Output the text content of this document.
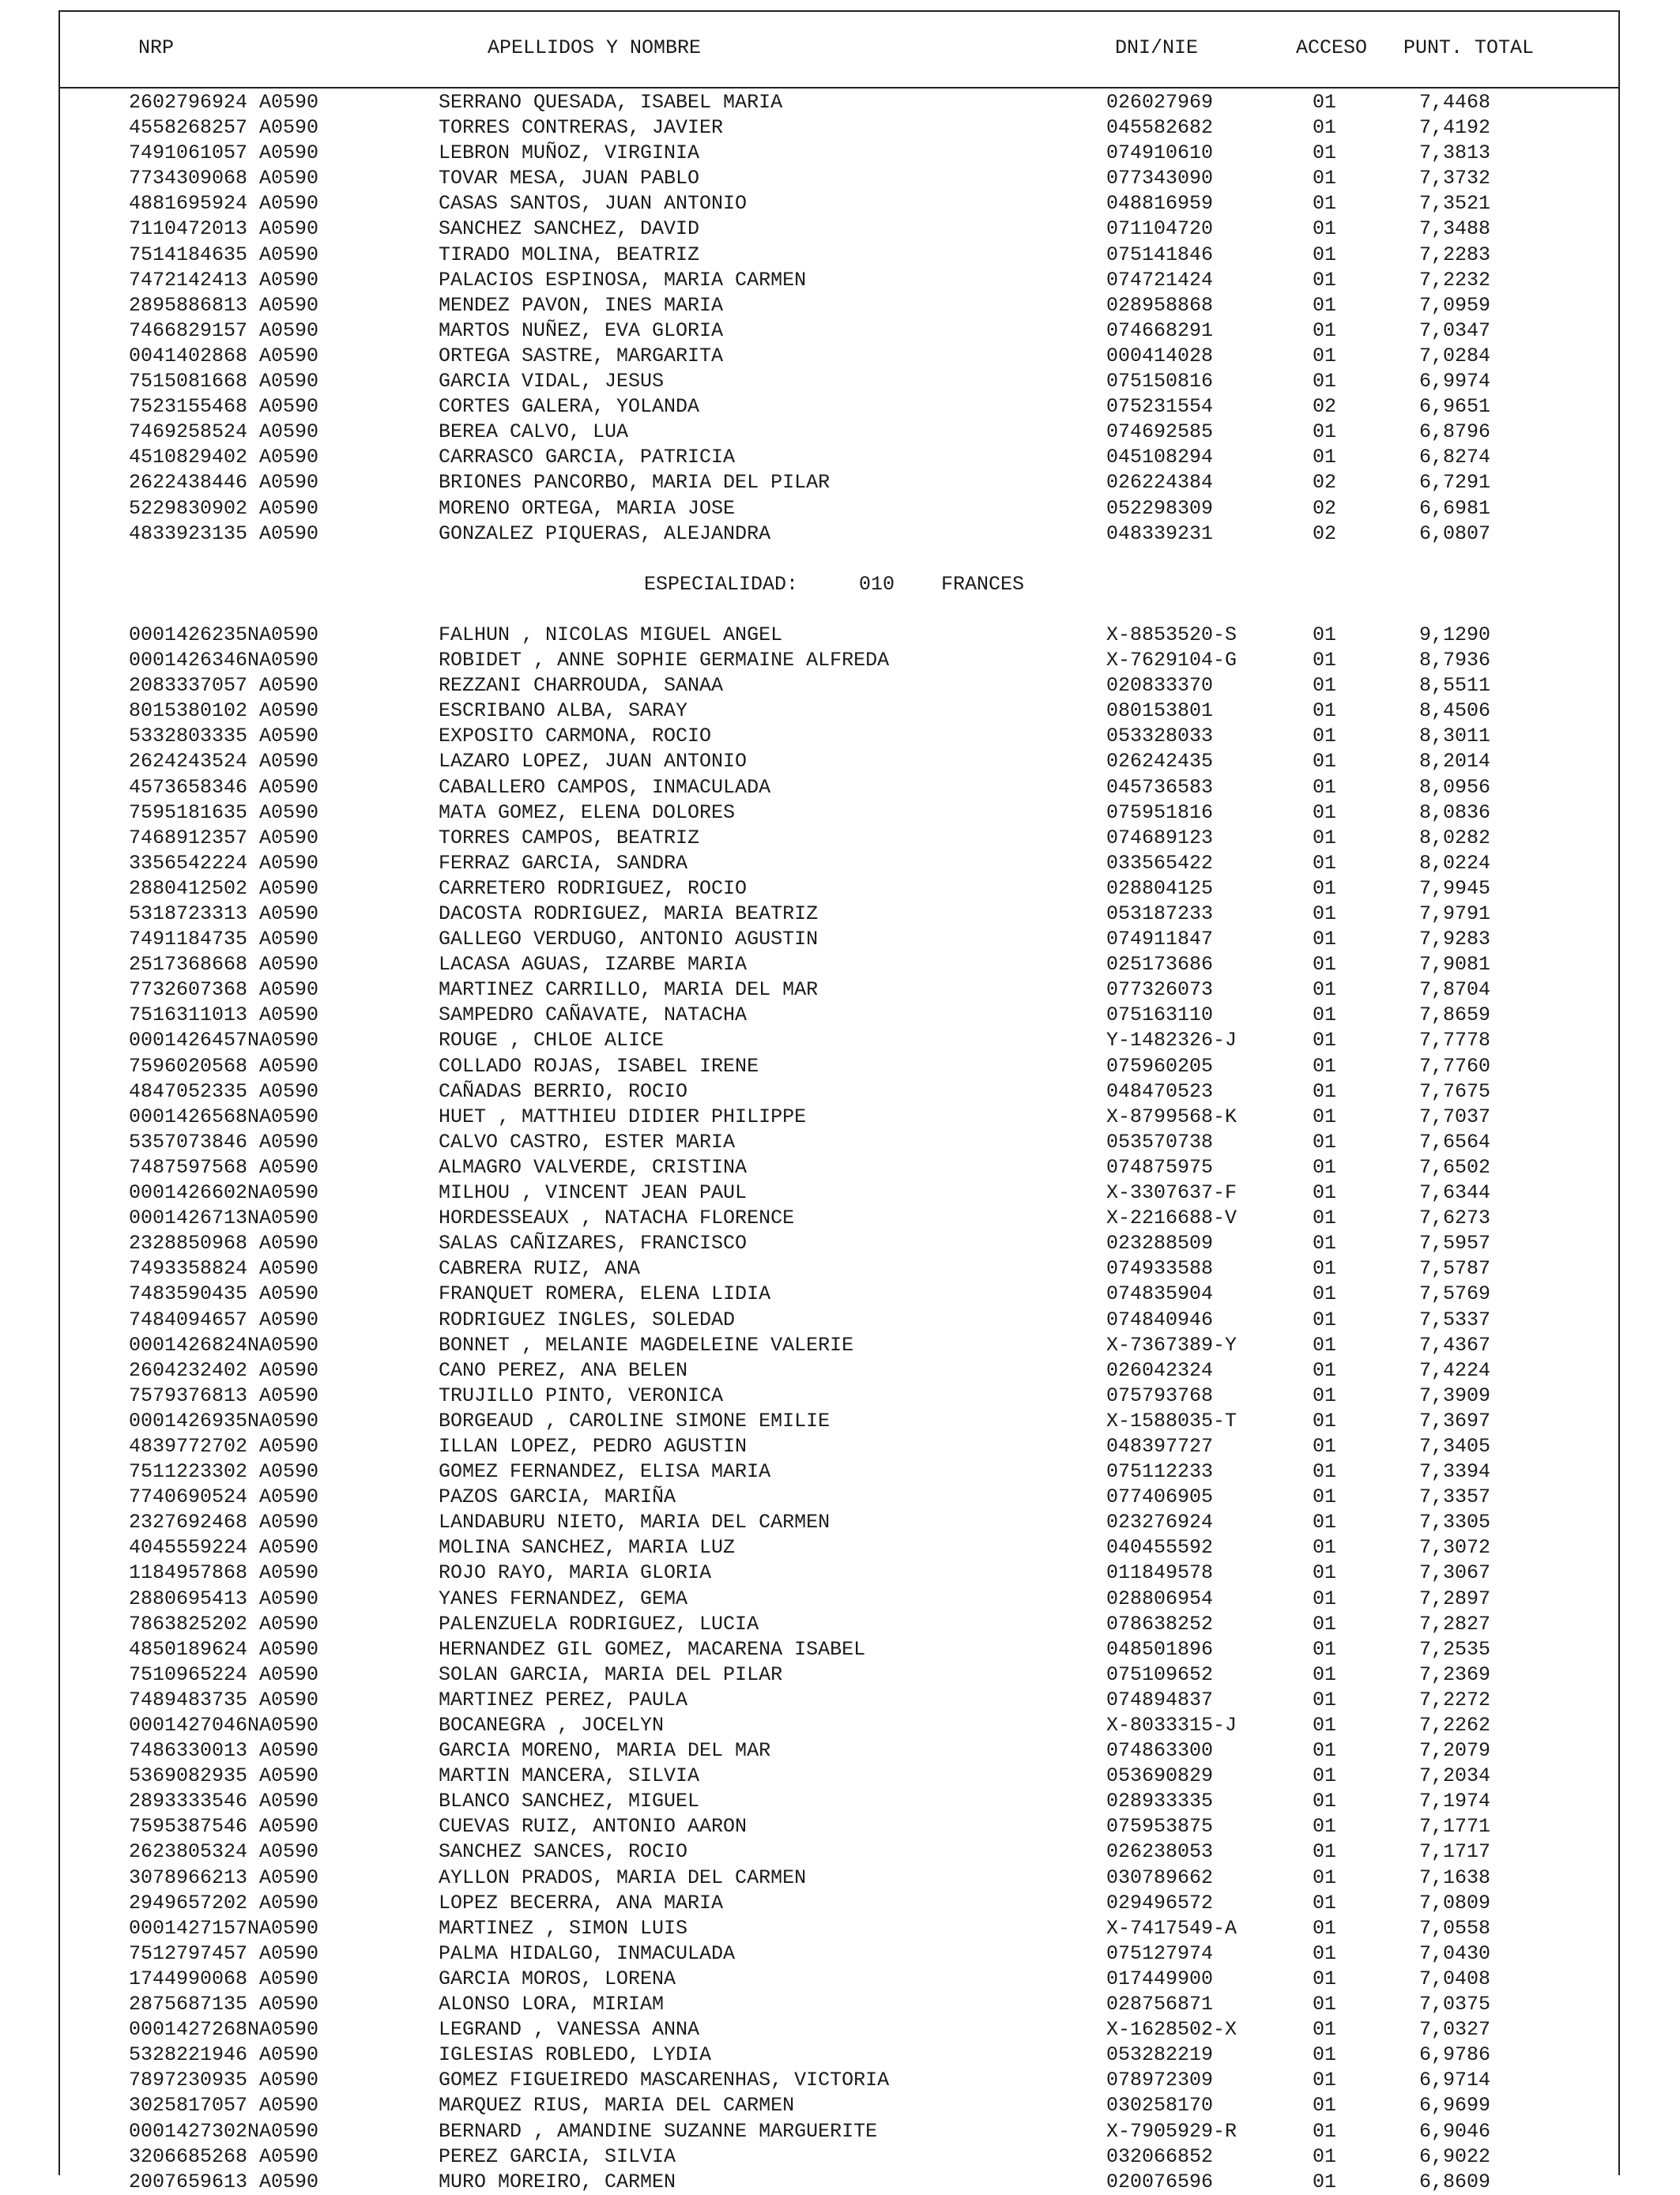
NRP	APELLIDOS Y NOMBRE	DNI/NIE	ACCESO PUNT. TOTAL
2602796924 A0590	SERRANO QUESADA, ISABEL MARIA	026027969	01	7,4468
4558268257 A0590	TORRES CONTRERAS, JAVIER	045582682	01	7,4192
7491061057 A0590	LEBRON MUÑOZ, VIRGINIA	074910610	01	7,3813
7734309068 A0590	TOVAR MESA, JUAN PABLO	077343090	01	7,3732
4881695924 A0590	CASAS SANTOS, JUAN ANTONIO	048816959	01	7,3521
7110472013 A0590	SANCHEZ SANCHEZ, DAVID	071104720	01	7,3488
7514184635 A0590	TIRADO MOLINA, BEATRIZ	075141846	01	7,2283
7472142413 A0590	PALACIOS ESPINOSA, MARIA CARMEN	074721424	01	7,2232
2895886813 A0590	MENDEZ PAVON, INES MARIA	028958868	01	7,0959
7466829157 A0590	MARTOS NUÑEZ, EVA GLORIA	074668291	01	7,0347
0041402868 A0590	ORTEGA SASTRE, MARGARITA	000414028	01	7,0284
7515081668 A0590	GARCIA VIDAL, JESUS	075150816	01	6,9974
7523155468 A0590	CORTES GALERA, YOLANDA	075231554	02	6,9651
7469258524 A0590	BEREA CALVO, LUA	074692585	01	6,8796
4510829402 A0590	CARRASCO GARCIA, PATRICIA	045108294	01	6,8274
2622438446 A0590	BRIONES PANCORBO, MARIA DEL PILAR	026224384	02	6,7291
5229830902 A0590	MORENO ORTEGA, MARIA JOSE	052298309	02	6,6981
4833923135 A0590	GONZALEZ PIQUERAS, ALEJANDRA	048339231	02	6,0807

ESPECIALIDAD:

	010

FRANCES

0001426235NA0590	FALHUN , NICOLAS MIGUEL ANGEL	X-8853520-S	01	9,1290
0001426346NA0590	ROBIDET , ANNE SOPHIE GERMAINE ALFREDA	X-7629104-G	01	8,7936
2083337057 A0590	REZZANI CHARROUDA, SANAA	020833370	01	8,5511
8015380102 A0590	ESCRIBANO ALBA, SARAY	080153801	01	8,4506
5332803335 A0590	EXPOSITO CARMONA, ROCIO	053328033	01	8,3011
2624243524 A0590	LAZARO LOPEZ, JUAN ANTONIO	026242435	01	8,2014
4573658346 A0590	CABALLERO CAMPOS, INMACULADA	045736583	01	8,0956
7595181635 A0590	MATA GOMEZ, ELENA DOLORES	075951816	01	8,0836
7468912357 A0590	TORRES CAMPOS, BEATRIZ	074689123	01	8,0282
3356542224 A0590	FERRAZ GARCIA, SANDRA	033565422	01	8,0224
2880412502 A0590	CARRETERO RODRIGUEZ, ROCIO	028804125	01	7,9945
5318723313 A0590	DACOSTA RODRIGUEZ, MARIA BEATRIZ	053187233	01	7,9791
7491184735 A0590	GALLEGO VERDUGO, ANTONIO AGUSTIN	074911847	01	7,9283
2517368668 A0590	LACASA AGUAS, IZARBE MARIA	025173686	01	7,9081
7732607368 A0590	MARTINEZ CARRILLO, MARIA DEL MAR	077326073	01	7,8704
7516311013 A0590	SAMPEDRO CAÑAVATE, NATACHA	075163110	01	7,8659
0001426457NA0590	ROUGE , CHLOE ALICE	Y-1482326-J	01	7,7778
7596020568 A0590	COLLADO ROJAS, ISABEL IRENE	075960205	01	7,7760
4847052335 A0590	CAÑADAS BERRIO, ROCIO	048470523	01	7,7675
0001426568NA0590	HUET , MATTHIEU DIDIER PHILIPPE	X-8799568-K	01	7,7037
5357073846 A0590	CALVO CASTRO, ESTER MARIA	053570738	01	7,6564
7487597568 A0590	ALMAGRO VALVERDE, CRISTINA	074875975	01	7,6502
0001426602NA0590	MILHOU , VINCENT JEAN PAUL	X-3307637-F	01	7,6344
0001426713NA0590	HORDESSEAUX , NATACHA FLORENCE	X-2216688-V	01	7,6273
2328850968 A0590	SALAS CAÑIZARES, FRANCISCO	023288509	01	7,5957
7493358824 A0590	CABRERA RUIZ, ANA	074933588	01	7,5787
7483590435 A0590	FRANQUET ROMERA, ELENA LIDIA	074835904	01	7,5769
7484094657 A0590	RODRIGUEZ INGLES, SOLEDAD	074840946	01	7,5337
0001426824NA0590	BONNET , MELANIE MAGDELEINE VALERIE	X-7367389-Y	01	7,4367
2604232402 A0590	CANO PEREZ, ANA BELEN	026042324	01	7,4224
7579376813 A0590	TRUJILLO PINTO, VERONICA	075793768	01	7,3909
0001426935NA0590	BORGEAUD , CAROLINE SIMONE EMILIE	X-1588035-T	01	7,3697
4839772702 A0590	ILLAN LOPEZ, PEDRO AGUSTIN	048397727	01	7,3405
7511223302 A0590	GOMEZ FERNANDEZ, ELISA MARIA	075112233	01	7,3394
7740690524 A0590	PAZOS GARCIA, MARIÑA	077406905	01	7,3357
2327692468 A0590	LANDABURU NIETO, MARIA DEL CARMEN	023276924	01	7,3305
4045559224 A0590	MOLINA SANCHEZ, MARIA LUZ	040455592	01	7,3072
1184957868 A0590	ROJO RAYO, MARIA GLORIA	011849578	01	7,3067
2880695413 A0590	YANES FERNANDEZ, GEMA	028806954	01	7,2897
7863825202 A0590	PALENZUELA RODRIGUEZ, LUCIA	078638252	01	7,2827
4850189624 A0590	HERNANDEZ GIL GOMEZ, MACARENA ISABEL	048501896	01	7,2535
7510965224 A0590	SOLAN GARCIA, MARIA DEL PILAR	075109652	01	7,2369
7489483735 A0590	MARTINEZ PEREZ, PAULA	074894837	01	7,2272
0001427046NA0590	BOCANEGRA , JOCELYN	X-8033315-J	01	7,2262
7486330013 A0590	GARCIA MORENO, MARIA DEL MAR	074863300	01	7,2079
5369082935 A0590	MARTIN MANCERA, SILVIA	053690829	01	7,2034
2893333546 A0590	BLANCO SANCHEZ, MIGUEL	028933335	01	7,1974
7595387546 A0590	CUEVAS RUIZ, ANTONIO AARON	075953875	01	7,1771
2623805324 A0590	SANCHEZ SANCES, ROCIO	026238053	01	7,1717
3078966213 A0590	AYLLON PRADOS, MARIA DEL CARMEN	030789662	01	7,1638
2949657202 A0590	LOPEZ BECERRA, ANA MARIA	029496572	01	7,0809
0001427157NA0590	MARTINEZ , SIMON LUIS	X-7417549-A	01	7,0558
7512797457 A0590	PALMA HIDALGO, INMACULADA	075127974	01	7,0430
1744990068 A0590	GARCIA MOROS, LORENA	017449900	01	7,0408
2875687135 A0590	ALONSO LORA, MIRIAM	028756871	01	7,0375
0001427268NA0590	LEGRAND , VANESSA ANNA	X-1628502-X	01	7,0327
5328221946 A0590	IGLESIAS ROBLEDO, LYDIA	053282219	01	6,9786
7897230935 A0590	GOMEZ FIGUEIREDO MASCARENHAS, VICTORIA	078972309	01	6,9714
3025817057 A0590	MARQUEZ RIUS, MARIA DEL CARMEN	030258170	01	6,9699
0001427302NA0590	BERNARD , AMANDINE SUZANNE MARGUERITE	X-7905929-R	01	6,9046
3206685268 A0590	PEREZ GARCIA, SILVIA	032066852	01	6,9022
2007659613 A0590	MURO MOREIRO, CARMEN	020076596	01	6,8609
